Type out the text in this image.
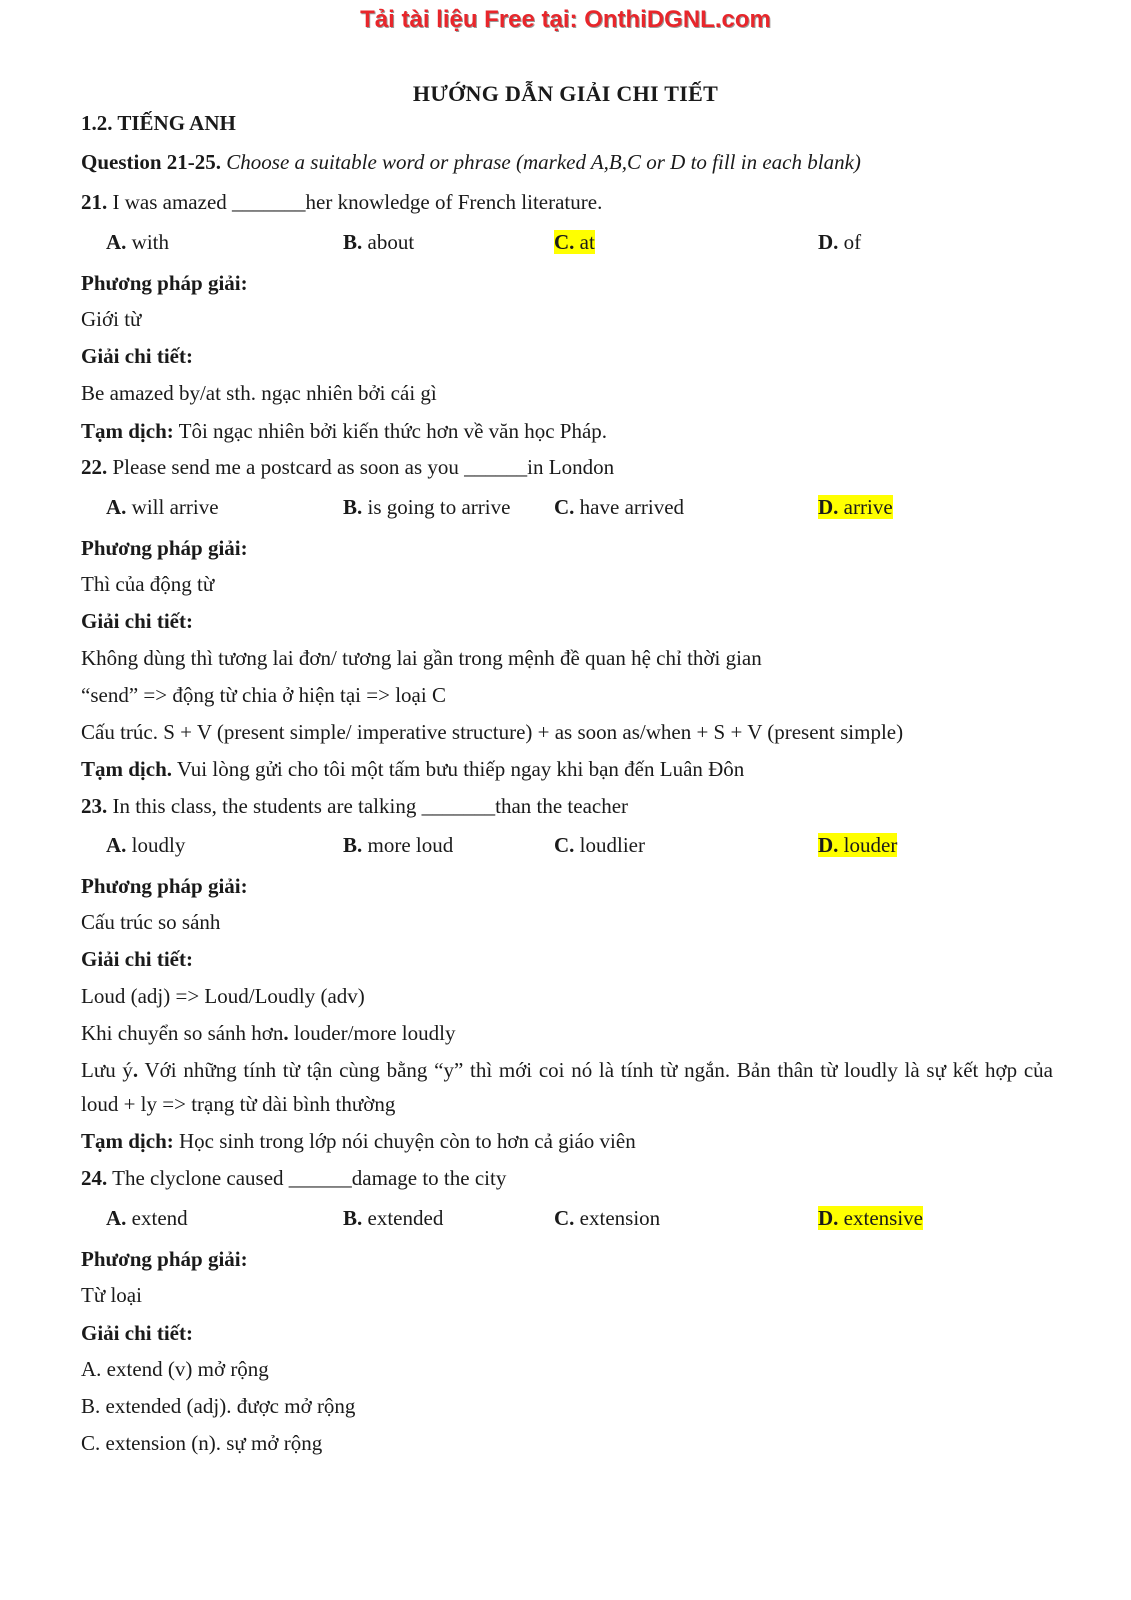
Tải tài liệu Free tại: OnthiDGNL.com
HƯỚNG DẪN GIẢI CHI TIẾT
1.2. TIẾNG ANH
Question 21-25. Choose a suitable word or phrase (marked A,B,C or D to fill in each blank)
21. I was amazed _______her knowledge of French literature.
A. with	B. about	C. at	D. of
Phương pháp giải:
Giới từ
Giải chi tiết:
Be amazed by/at sth. ngạc nhiên bởi cái gì
Tạm dịch: Tôi ngạc nhiên bởi kiến thức hơn về văn học Pháp.
22. Please send me a postcard as soon as you ______in London
A. will arrive	B. is going to arrive C. have arrived	D. arrive
Phương pháp giải:
Thì của động từ
Giải chi tiết:
Không dùng thì tương lai đơn/ tương lai gần trong mệnh đề quan hệ chỉ thời gian
“send” => động từ chia ở hiện tại => loại C
Cấu trúc. S + V (present simple/ imperative structure) + as soon as/when + S + V (present simple)
Tạm dịch. Vui lòng gửi cho tôi một tấm bưu thiếp ngay khi bạn đến Luân Đôn
23. In this class, the students are talking _______than the teacher
A. loudly	B. more loud	C. loudlier	D. louder
Phương pháp giải:
Cấu trúc so sánh
Giải chi tiết:
Loud (adj) => Loud/Loudly (adv)
Khi chuyển so sánh hơn. louder/more loudly
Lưu ý. Với những tính từ tận cùng bằng “y” thì mới coi nó là tính từ ngắn. Bản thân từ loudly là sự kết hợp của loud + ly => trạng từ dài bình thường
Tạm dịch: Học sinh trong lớp nói chuyện còn to hơn cả giáo viên
24. The clyclone caused ______damage to the city
A. extend	B. extended	C. extension	D. extensive
Phương pháp giải:
Từ loại
Giải chi tiết:
A. extend (v) mở rộng
B. extended (adj). được mở rộng
C. extension (n). sự mở rộng
